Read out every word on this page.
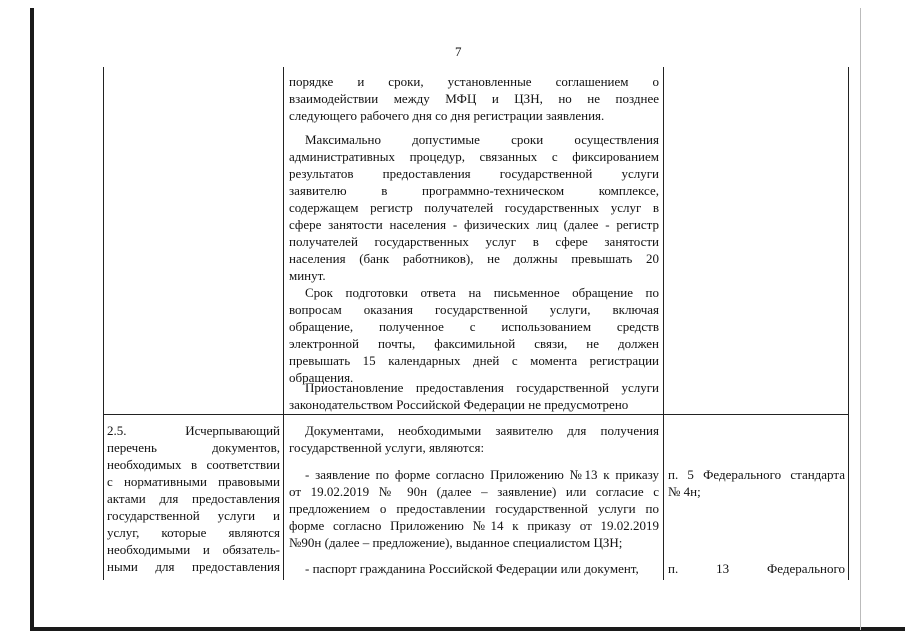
7
порядке и сроки, установленные соглашением о
взаимодействии между МФЦ и ЦЗН, но не позднее
следующего рабочего дня со дня регистрации заявления.
Максимально допустимые сроки осуществления
административных процедур, связанных с фиксированием
результатов предоставления государственной услуги
заявителю в программно-техническом комплексе,
содержащем регистр получателей государственных услуг в
сфере занятости населения - физических лиц (далее - регистр
получателей государственных услуг в сфере занятости
населения (банк работников), не должны превышать 20
минут.
Срок подготовки ответа на письменное обращение по
вопросам оказания государственной услуги, включая
обращение, полученное с использованием средств
электронной почты, факсимильной связи, не должен
превышать 15 календарных дней с момента регистрации
обращения.
Приостановление предоставления государственной услуги
законодательством Российской Федерации не предусмотрено
2.5. Исчерпывающий
перечень документов,
необходимых в соответствии
с нормативными правовыми
актами для предоставления
государственной услуги и
услуг, которые являются
необходимыми и обязатель-
ными для предоставления
Документами, необходимыми заявителю для получения
государственной услуги, являются:
- заявление по форме согласно Приложению №13 к приказу
от 19.02.2019 № 90н (далее – заявление) или согласие с
предложением о предоставлении государственной услуги по
форме согласно Приложению №14 к приказу от 19.02.2019
№90н (далее – предложение), выданное специалистом ЦЗН;
- паспорт гражданина Российской Федерации или документ,
п. 5 Федерального стандарта
№ 4н;
п. 13 Федерального
